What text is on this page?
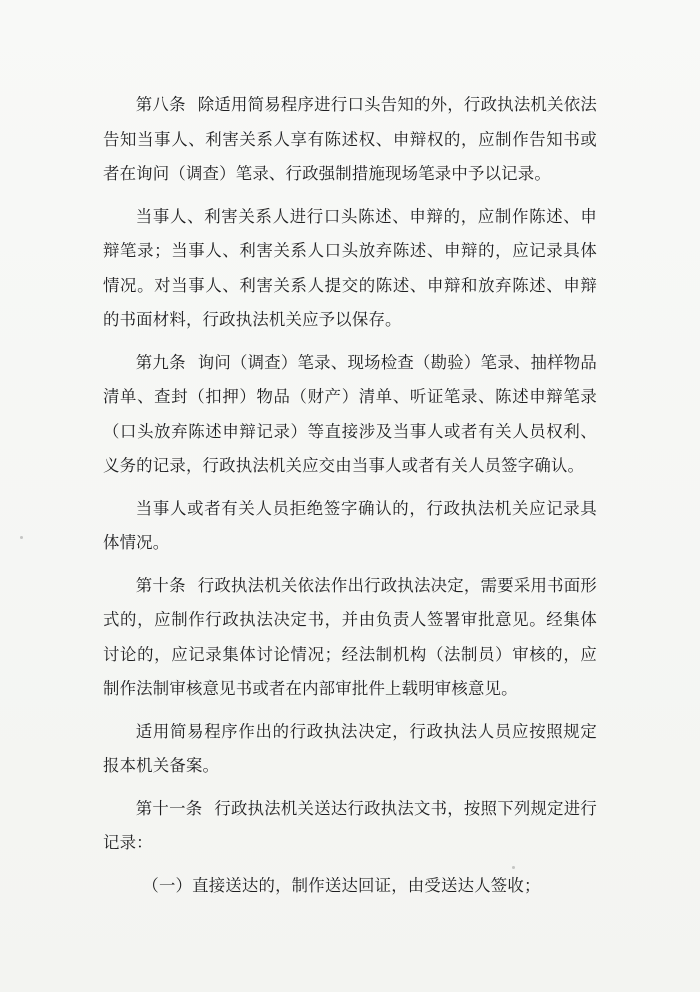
第八条 除适用简易程序进行口头告知的外，行政执法机关依法告知当事人、利害关系人享有陈述权、申辩权的，应制作告知书或者在询问（调查）笔录、行政强制措施现场笔录中予以记录。

当事人、利害关系人进行口头陈述、申辩的，应制作陈述、申辩笔录；当事人、利害关系人口头放弃陈述、申辩的，应记录具体情况。对当事人、利害关系人提交的陈述、申辩和放弃陈述、申辩的书面材料，行政执法机关应予以保存。

第九条 询问（调查）笔录、现场检查（勘验）笔录、抽样物品清单、查封（扣押）物品（财产）清单、听证笔录、陈述申辩笔录（口头放弃陈述申辩记录）等直接涉及当事人或者有关人员权利、义务的记录，行政执法机关应交由当事人或者有关人员签字确认。

当事人或者有关人员拒绝签字确认的，行政执法机关应记录具体情况。

第十条 行政执法机关依法作出行政执法决定，需要采用书面形式的，应制作行政执法决定书，并由负责人签署审批意见。经集体讨论的，应记录集体讨论情况；经法制机构（法制员）审核的，应制作法制审核意见书或者在内部审批件上载明审核意见。

适用简易程序作出的行政执法决定，行政执法人员应按照规定报本机关备案。

第十一条 行政执法机关送达行政执法文书，按照下列规定进行记录：

（一）直接送达的，制作送达回证，由受送达人签收；
